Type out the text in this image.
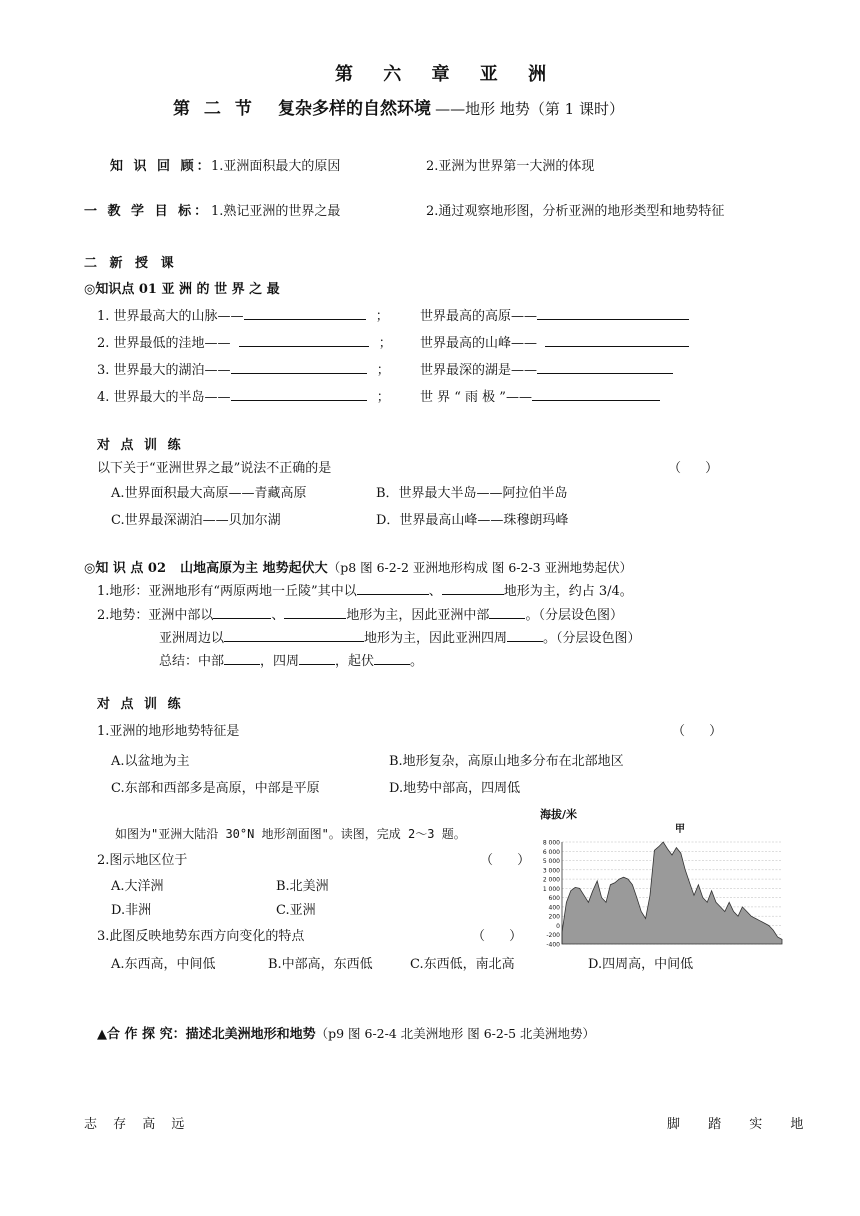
第 六 章 亚 洲
第 二 节 复杂多样的自然环境 ——地形 地势（第 1 课时）
知 识 回 顾：
1.亚洲面积最大的原因	2.亚洲为世界第一大洲的体现
一 教 学 目 标： 1.熟记亚洲的世界之最	2.通过观察地形图，分析亚洲的地形类型和地势特征
二 新 授 课
◎知识点 01 亚 洲 的 世 界 之 最
1. 世界最高大的山脉——	； 世界最高的高原——
2. 世界最低的洼地——	； 世界最高的山峰——
3. 世界最大的湖泊——	； 世界最深的湖是——
4. 世界最大的半岛——	； 世 界 “ 雨 极 ”——
对 点 训 练
以下关于“亚洲世界之最”说法不正确的是	（ ）
A.世界面积最大高原——青藏高原	B．世界最大半岛——阿拉伯半岛
C.世界最深湖泊——贝加尔湖	D．世界最高山峰——珠穆朗玛峰
◎知 识 点 02 山地高原为主 地势起伏大（p8 图 6-2-2 亚洲地形构成 图 6-2-3 亚洲地势起伏）
1.地形：亚洲地形有“两原两地一丘陵”其中以	、	地形为主，约占 3/4。
2.地势：亚洲中部以	、	地形为主，因此亚洲中部	。（分层设色图）
亚洲周边以	地形为主，因此亚洲四周	。（分层设色图）
总结：中部	，四周	，起伏	。
对 点 训 练
1.亚洲的地形地势特征是	（ ）
A.以盆地为主	B.地形复杂，高原山地多分布在北部地区
C.东部和西部多是高原，中部是平原	D.地势中部高，四周低
如图为"亚洲大陆沿 30°N 地形剖面图"。读图，完成 2～3 题。
2.图示地区位于	（ ）
A.大洋洲	B.北美洲
D.非洲	C.亚洲
3.此图反映地势东西方向变化的特点	（ ）
A.东西高，中间低	B.中部高，东西低	C.东西低，南北高	D.四周高，中间低
海拔/米
甲
8 000
6 000
5 000
3 000
2 000
1 000
600
400
200
0
-200
-400
▲合 作 探 究：描述北美洲地形和地势（p9 图 6-2-4 北美洲地形 图 6-2-5 北美洲地势）
志 存 高 远	脚 踏 实 地
